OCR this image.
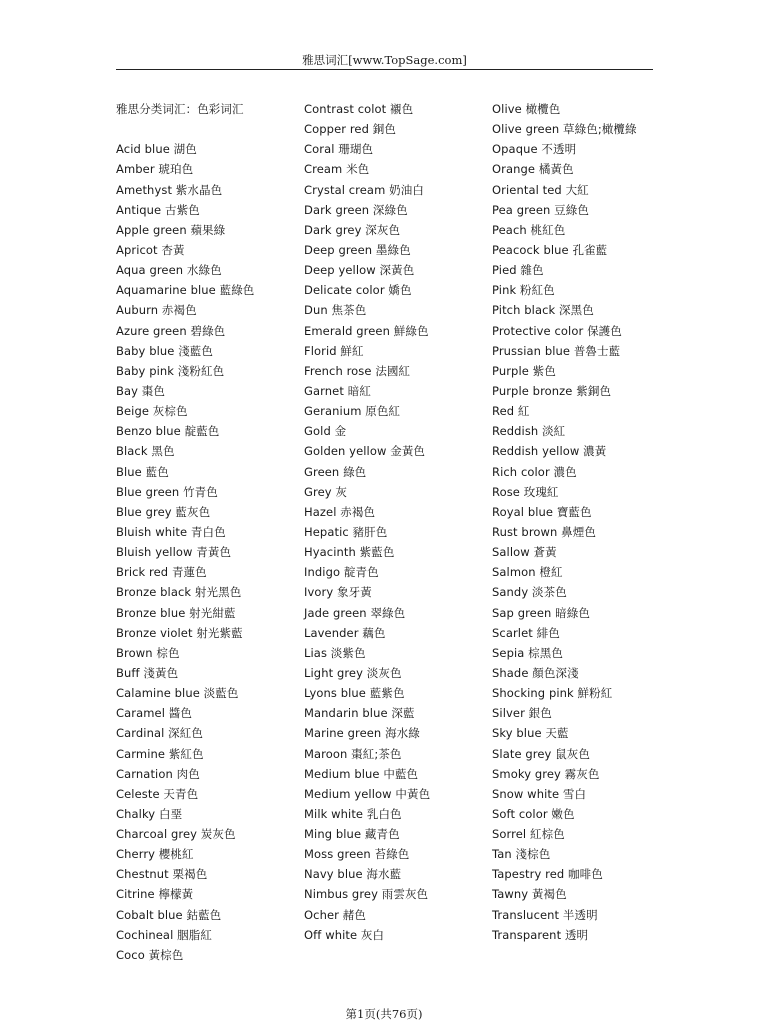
雅思词汇[www.TopSage.com]
雅思分类词汇：色彩词汇
Acid blue 湖色
Amber 琥珀色
Amethyst 紫水晶色
Antique 古紫色
Apple green 蘋果綠
Apricot 杏黃
Aqua green 水綠色
Aquamarine blue 藍綠色
Auburn 赤褐色
Azure green 碧綠色
Baby blue 淺藍色
Baby pink 淺粉紅色
Bay 棗色
Beige 灰棕色
Benzo blue 靛藍色
Black 黑色
Blue 藍色
Blue green 竹青色
Blue grey 藍灰色
Bluish white 青白色
Bluish yellow 青黃色
Brick red 青蓮色
Bronze black 射光黑色
Bronze blue 射光紺藍
Bronze violet 射光紫藍
Brown 棕色
Buff 淺黃色
Calamine blue 淡藍色
Caramel 醬色
Cardinal 深紅色
Carmine 紫紅色
Carnation 肉色
Celeste 天青色
Chalky 白堊
Charcoal grey 炭灰色
Cherry 櫻桃紅
Chestnut 栗褐色
Citrine 檸檬黃
Cobalt blue 鈷藍色
Cochineal 胭脂紅
Coco 黃棕色
Contrast colot 襯色
Copper red 銅色
Coral 珊瑚色
Cream 米色
Crystal cream 奶油白
Dark green 深綠色
Dark grey 深灰色
Deep green 墨綠色
Deep yellow 深黃色
Delicate color 嬌色
Dun 焦茶色
Emerald green 鮮綠色
Florid 鮮紅
French rose 法國紅
Garnet 暗紅
Geranium 原色紅
Gold 金
Golden yellow 金黃色
Green 綠色
Grey 灰
Hazel 赤褐色
Hepatic 豬肝色
Hyacinth 紫藍色
Indigo 靛青色
Ivory 象牙黃
Jade green 翠綠色
Lavender 藕色
Lias 淡紫色
Light grey 淡灰色
Lyons blue 藍紫色
Mandarin blue 深藍
Marine green 海水綠
Maroon 棗紅;茶色
Medium blue 中藍色
Medium yellow 中黃色
Milk white 乳白色
Ming blue 藏青色
Moss green 苔綠色
Navy blue 海水藍
Nimbus grey 雨雲灰色
Ocher 赭色
Off white 灰白
Olive 橄欖色
Olive green 草綠色;橄欖綠
Opaque 不透明
Orange 橘黃色
Oriental ted 大紅
Pea green 豆綠色
Peach 桃紅色
Peacock blue 孔雀藍
Pied 雜色
Pink 粉紅色
Pitch black 深黑色
Protective color 保護色
Prussian blue 普魯士藍
Purple 紫色
Purple bronze 紫銅色
Red 紅
Reddish 淡紅
Reddish yellow 濃黃
Rich color 濃色
Rose 玫瑰紅
Royal blue 寶藍色
Rust brown 鼻煙色
Sallow 蒼黃
Salmon 橙紅
Sandy 淡茶色
Sap green 暗綠色
Scarlet 緋色
Sepia 棕黑色
Shade 顏色深淺
Shocking pink 鮮粉紅
Silver 銀色
Sky blue 天藍
Slate grey 鼠灰色
Smoky grey 霧灰色
Snow white 雪白
Soft color 嫩色
Sorrel 紅棕色
Tan 淺棕色
Tapestry red 咖啡色
Tawny 黃褐色
Translucent 半透明
Transparent 透明
第1页(共76页)
